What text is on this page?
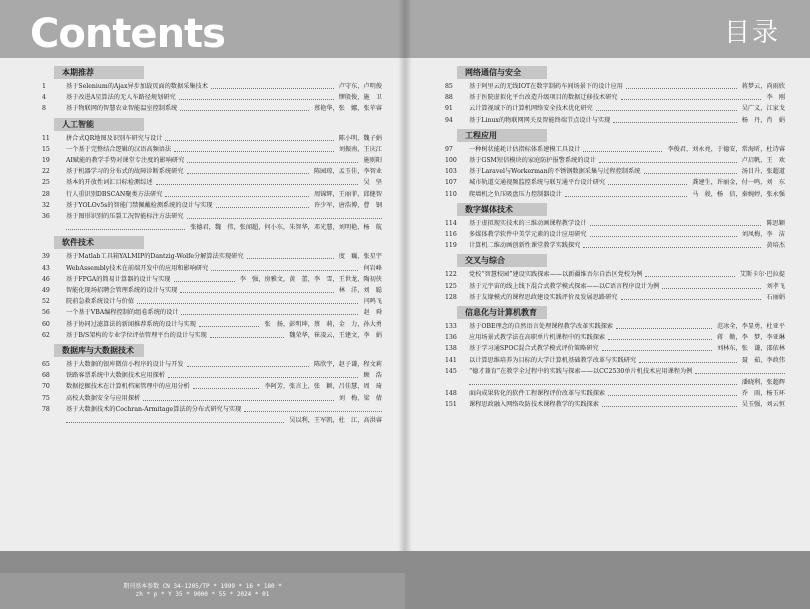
Contents	目录
期刊基本参数 CN 34-1205/TP * 1999 * 16 * 180 *
zh * p * Y 35 * 9000 * 55 * 2024 * 01
本期推荐
1	基于Selenium的Ajax异步加载页面的数据采集技术	卢守东，卢明俊
4	基于改进A星算法的无人车路径规划研究	缪殷俊，施　卫
8	基于物联网的智慧农业智能温室控制系统	蔡艳华，张　娜，张苹睿
人工智能
11	拼合式QR地图及识别车研究与设计	陈小明，魏子娟
15	一个基于完整结合逻辑的汉语高频语法	刘振南，王庆江
19	AI赋能的教学手势对课堂专注度的影响研究	施则阳
22	基于机器学习的分布式的故障诊断系统研究	陈园琼，孟玉佳，李智业
25	基本的开放性词汇目标检测综述	吴　坚
28	行人重识别DBSCAN聚类方法研究	周锦辉，王丽菲，邱健智
32	基于YOLOv5s的智能门禁佩戴检测系统的设计与实现	许少军，唐浩博，曹　钢
36	基于图形识别的压裂工况智能标注方法研究
张德君，魏　伟，张闻超，何小东，朱智华，邓光慧，刘明艳，杨　航
软件技术
39	基于Matlab工具箱YALMIP的Dantzig-Wolfe分解算法实现研究	度　巍，张星宇
43	WebAssembly技术在前端开发中的应用和影响研究	何岩峰
46	基于FPGA的简易计算器的设计与实现	李　强，房雅文，黄　蕾，李　雪，王世龙，陶初侠
49	智能化现场招聘会管理系统的设计与实现	林　洋，刘　聪
52	院前急救系统设计与价值	闫鸣飞
56	一个基于VBA编程控制的组卷系统的设计	赵　舜
60	基于协同过滤算法的新闻推荐系统的设计与实现	张　扬，彭明坤，蔡　莉，金　力，孙大勇
62	基于B/S架构的专业学位评估管理平台的设计与实现	魏荣华，崔凌云，王建文，李　娟
数据库与大数据技术
65	基于大数据的银库微信小程序的设计与开发	陈欣宇，赵子谦，程文莉
68	铁路客票系统中大数据技术应用探析	顾　浩
70	数据挖掘技术在计算机档案管理中的应用分析	李阿芳，张言上，张　颖，吕佳慧，周　琦
75	高校大数据安全与应用探析	刘　梅，梁　倩
78	基于大数据技术的Cochran-Armitage算法的分布式研究与实现
吴以利，王军凯，杜　江，高洪睿
网络通信与安全
85	基于阿里云的无线IOT在数字制药车间场景下的设计应用	蒋梦云，尚雨欣
88	基于医院虚拟化平台改造升级项目的数据迁移技术研究	李　刚
91	云计算视域下的计算机网络安全技术优化研究	吴广义，江家戈
94	基于Linux的物联网网关及智能终端节点设计与实现	杨　丹，肖　娟
工程应用
97	一种树状能耗计估指标体系建模工具设计	李俊君，刘永亮，于德安，常海昕，杜诗睿
100	基于GSM短信模块的家庭防护报警系统的设计	卢启帆，王　欢
103	基于Laravel与Workerman的不锈钢数据采集与过程控制系统	汤目升，张超道
107	城市轨道交通视频监控系统与联互通平台设计研究	龚建生，许丽金，付一鸣，刘　东
110	爬墙机之负压吸盘压力控制器设计	马　骏，杨　信，秦婉婷，张永强
数字媒体技术
114	基于虚拟现实技术的三维动画课程教学设计	陈思颖
116	多媒体教学软件中美学元素的设计应用研究	刘凤梅，李　洁
119	计算机二维动画创新性课堂教学实践探究	黄培杰
交叉与综合
122	党校“智慧校园”建设实践探索——以新疆维吾尔自治区党校为例	艾斯卡尔·巴拉提
125	基于元宇宙的线上线下混合式教学模式探索——以C语言程序设计为例	刘孝飞
128	基于友缘模式的课程思政建设实践评价及发展思路研究	石丽娟
信息化与计算机教育
133	基于OBE理念的自然语言处理课程教学改革实践探索	范冰全，李显勇，杜亚平
136	应用场景式教学法在高职单片机课程中的实践探索	蒋　勤，李　梦，李亚琳
138	基于学习通SPOC混合式教学模式评价策略研究	刘林东，张　谦，邵依林
141	以计算思维培养为目标的大学计算机基础教学改革与实践研究	聂　茹，李政伟
145	“德才兼育”在教学全过程中的实践与探索——以CC2530单片机技术应用课程为例
潘晓利，张超辉
148	面向成果转化的软件工程课程评价改革与实践探索	乔　雨，杨玉环
151	课程思政融入网络攻防技术课程教学的实践探索	吴玉强，刘云恒
